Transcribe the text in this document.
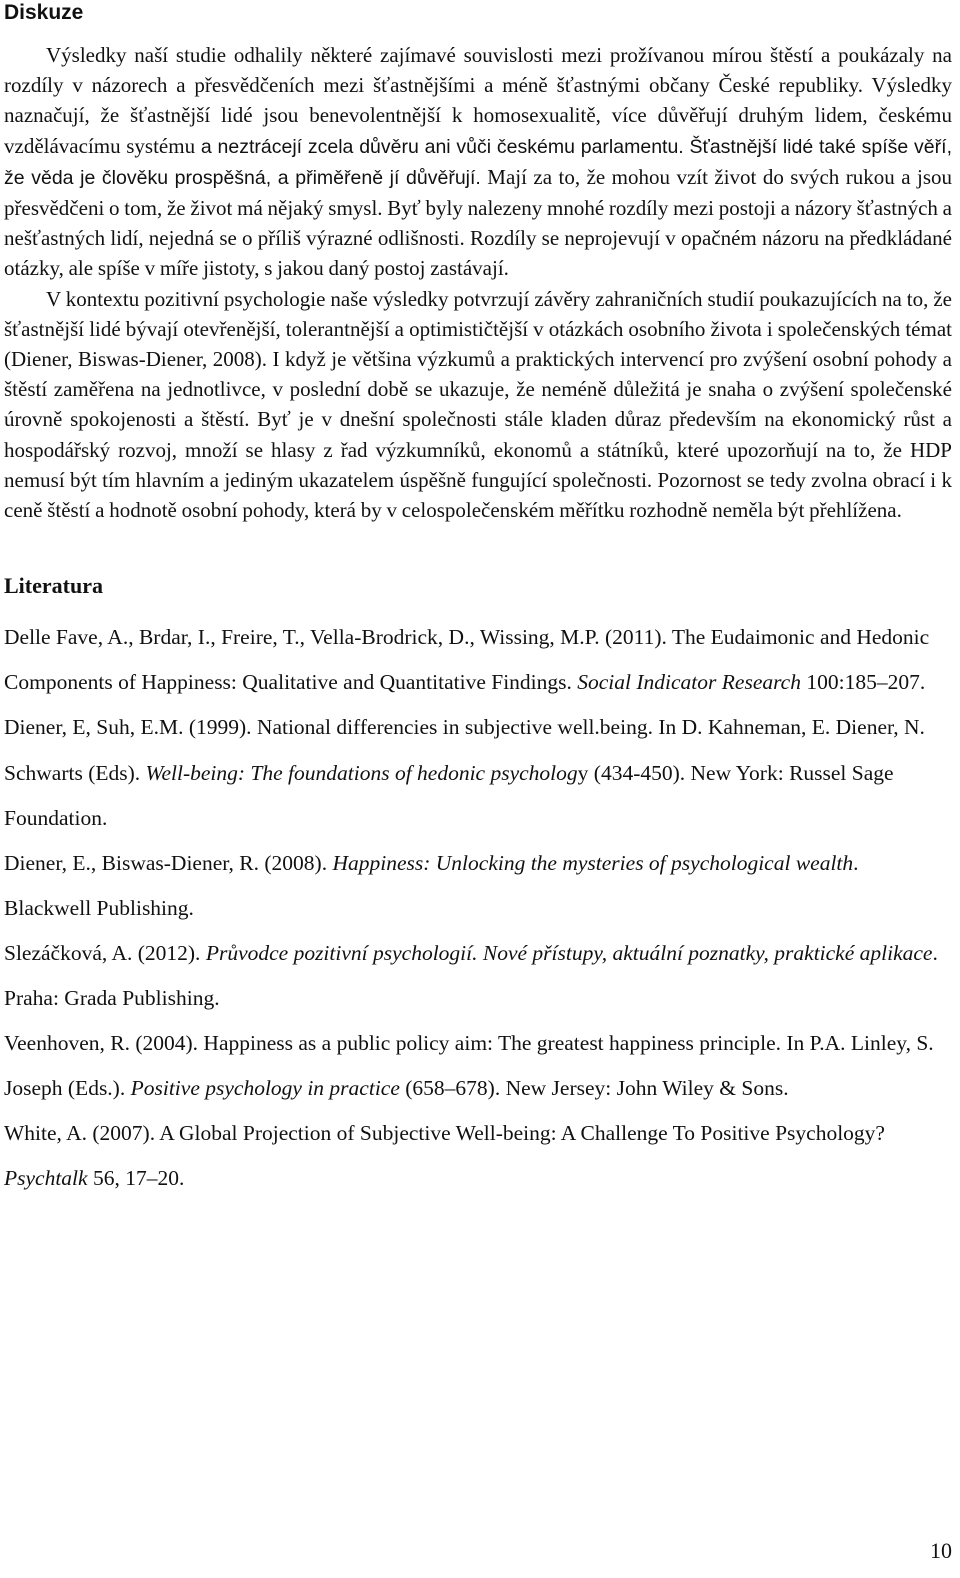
Diskuze

Výsledky naší studie odhalily některé zajímavé souvislosti mezi prožívanou mírou štěstí a poukázaly na rozdíly v názorech a přesvědčeních mezi šťastnějšími a méně šťastnými občany České republiky. Výsledky naznačují, že šťastnější lidé jsou benevolentnější k homosexualitě, více důvěřují druhým lidem, českému vzdělávacímu systému a neztrácejí zcela důvěru ani vůči českému parlamentu. Šťastnější lidé také spíše věří, že věda je člověku prospěšná, a přiměřeně jí důvěřují. Mají za to, že mohou vzít život do svých rukou a jsou přesvědčeni o tom, že život má nějaký smysl. Byť byly nalezeny mnohé rozdíly mezi postoji a názory šťastných a nešťastných lidí, nejedná se o příliš výrazné odlišnosti. Rozdíly se neprojevují v opačném názoru na předkládané otázky, ale spíše v míře jistoty, s jakou daný postoj zastávají.

V kontextu pozitivní psychologie naše výsledky potvrzují závěry zahraničních studií poukazujících na to, že šťastnější lidé bývají otevřenější, tolerantnější a optimističtější v otázkách osobního života i společenských témat (Diener, Biswas-Diener, 2008). I když je většina výzkumů a praktických intervencí pro zvýšení osobní pohody a štěstí zaměřena na jednotlivce, v poslední době se ukazuje, že neméně důležitá je snaha o zvýšení společenské úrovně spokojenosti a štěstí. Byť je v dnešní společnosti stále kladen důraz především na ekonomický růst a hospodářský rozvoj, množí se hlasy z řad výzkumníků, ekonomů a státníků, které upozorňují na to, že HDP nemusí být tím hlavním a jediným ukazatelem úspěšně fungující společnosti. Pozornost se tedy zvolna obrací i k ceně štěstí a hodnotě osobní pohody, která by v celospolečenském měřítku rozhodně neměla být přehlížena.

Literatura

Delle Fave, A., Brdar, I., Freire, T., Vella-Brodrick, D., Wissing, M.P. (2011). The Eudaimonic and Hedonic Components of Happiness: Qualitative and Quantitative Findings. Social Indicator Research 100:185–207.

Diener, E, Suh, E.M. (1999). National differencies in subjective well.being. In D. Kahneman, E. Diener, N. Schwarts (Eds). Well-being: The foundations of hedonic psychology (434-450). New York: Russel Sage Foundation.

Diener, E., Biswas-Diener, R. (2008). Happiness: Unlocking the mysteries of psychological wealth. Blackwell Publishing.

Slezáčková, A. (2012). Průvodce pozitivní psychologií. Nové přístupy, aktuální poznatky, praktické aplikace. Praha: Grada Publishing.

Veenhoven, R. (2004). Happiness as a public policy aim: The greatest happiness principle. In P.A. Linley, S. Joseph (Eds.). Positive psychology in practice (658–678). New Jersey: John Wiley & Sons.

White, A. (2007). A Global Projection of Subjective Well-being: A Challenge To Positive Psychology? Psychtalk 56, 17–20.

10
